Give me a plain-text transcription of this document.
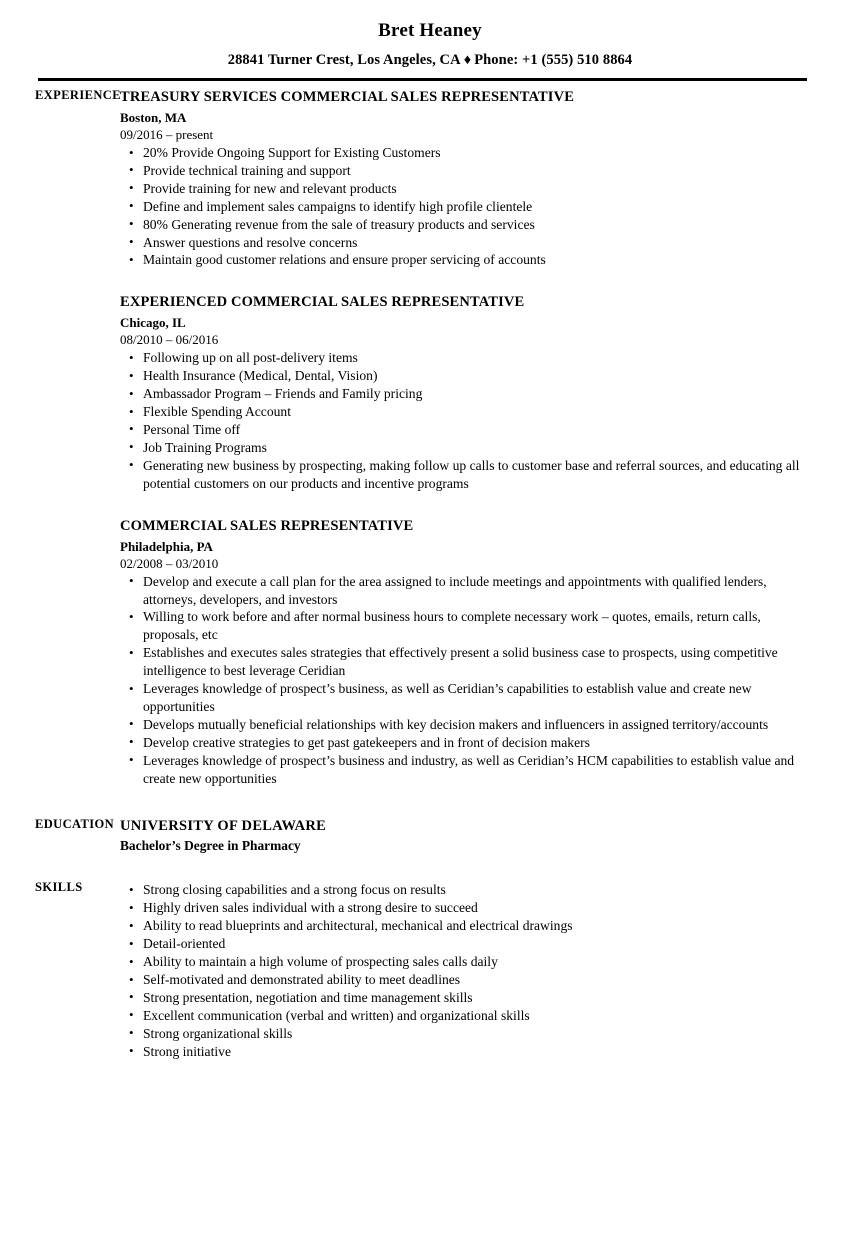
Bret Heaney
28841 Turner Crest, Los Angeles, CA ♦ Phone: +1 (555) 510 8864
EXPERIENCE TREASURY SERVICES COMMERCIAL SALES REPRESENTATIVE
Boston, MA
09/2016 – present
• 20% Provide Ongoing Support for Existing Customers
• Provide technical training and support
• Provide training for new and relevant products
• Define and implement sales campaigns to identify high profile clientele
• 80% Generating revenue from the sale of treasury products and services
• Answer questions and resolve concerns
• Maintain good customer relations and ensure proper servicing of accounts
EXPERIENCED COMMERCIAL SALES REPRESENTATIVE
Chicago, IL
08/2010 – 06/2016
• Following up on all post-delivery items
• Health Insurance (Medical, Dental, Vision)
• Ambassador Program – Friends and Family pricing
• Flexible Spending Account
• Personal Time off
• Job Training Programs
• Generating new business by prospecting, making follow up calls to customer base and referral sources, and educating all potential customers on our products and incentive programs
COMMERCIAL SALES REPRESENTATIVE
Philadelphia, PA
02/2008 – 03/2010
• Develop and execute a call plan for the area assigned to include meetings and appointments with qualified lenders, attorneys, developers, and investors
• Willing to work before and after normal business hours to complete necessary work – quotes, emails, return calls, proposals, etc
• Establishes and executes sales strategies that effectively present a solid business case to prospects, using competitive intelligence to best leverage Ceridian
• Leverages knowledge of prospect’s business, as well as Ceridian’s capabilities to establish value and create new opportunities
• Develops mutually beneficial relationships with key decision makers and influencers in assigned territory/accounts
• Develop creative strategies to get past gatekeepers and in front of decision makers
• Leverages knowledge of prospect’s business and industry, as well as Ceridian’s HCM capabilities to establish value and create new opportunities
EDUCATION UNIVERSITY OF DELAWARE
Bachelor’s Degree in Pharmacy
SKILLS	• Strong closing capabilities and a strong focus on results
• Highly driven sales individual with a strong desire to succeed
• Ability to read blueprints and architectural, mechanical and electrical drawings
• Detail-oriented
• Ability to maintain a high volume of prospecting sales calls daily
• Self-motivated and demonstrated ability to meet deadlines
• Strong presentation, negotiation and time management skills
• Excellent communication (verbal and written) and organizational skills
• Strong organizational skills
• Strong initiative
